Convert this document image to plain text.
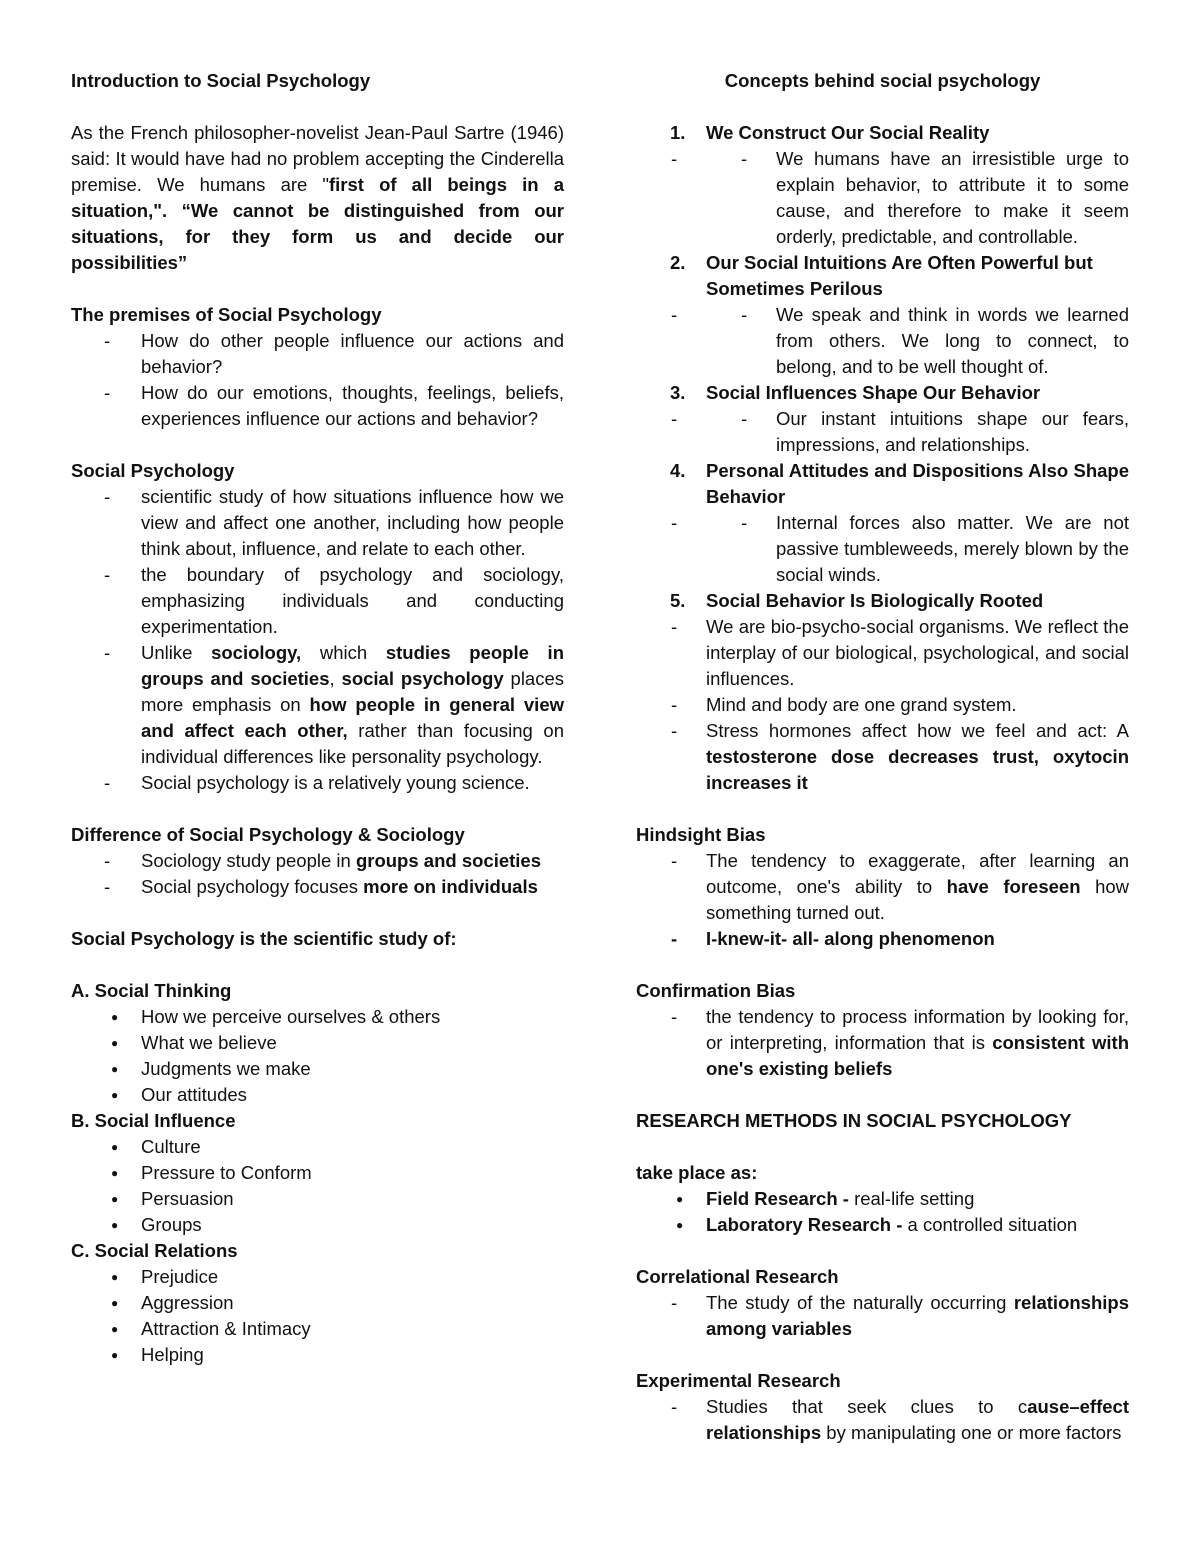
Introduction to Social Psychology

As the French philosopher-novelist Jean-Paul Sartre (1946) said: It would have had no problem accepting the Cinderella premise. We humans are "first of all beings in a situation,". “We cannot be distinguished from our situations, for they form us and decide our possibilities”

The premises of Social Psychology

- How do other people influence our actions and behavior?
- How do our emotions, thoughts, feelings, beliefs, experiences influence our actions and behavior?

Social Psychology

- scientific study of how situations influence how we view and affect one another, including how people think about, influence, and relate to each other.
- the boundary of psychology and sociology, emphasizing individuals and conducting experimentation.
- Unlike sociology, which studies people in groups and societies, social psychology places more emphasis on how people in general view and affect each other, rather than focusing on individual differences like personality psychology.
- Social psychology is a relatively young science.

Difference of Social Psychology & Sociology

- Sociology study people in groups and societies
- Social psychology focuses more on individuals

Social Psychology is the scientific study of:

A. Social Thinking

● How we perceive ourselves & others
● What we believe
● Judgments we make
● Our attitudes

B. Social Influence

● Culture
● Pressure to Conform
● Persuasion
● Groups

C. Social Relations

● Prejudice
● Aggression
● Attraction & Intimacy
● Helping

Concepts behind social psychology

1. We Construct Our Social Reality
- - We humans have an irresistible urge to explain behavior, to attribute it to some cause, and therefore to make it seem orderly, predictable, and controllable.
2. Our Social Intuitions Are Often Powerful but Sometimes Perilous
- - We speak and think in words we learned from others. We long to connect, to belong, and to be well thought of.
3. Social Influences Shape Our Behavior
- - Our instant intuitions shape our fears, impressions, and relationships.
4. Personal Attitudes and Dispositions Also Shape Behavior
- - Internal forces also matter. We are not passive tumbleweeds, merely blown by the social winds.
5. Social Behavior Is Biologically Rooted
- We are bio-psycho-social organisms. We reflect the interplay of our biological, psychological, and social influences.
- Mind and body are one grand system.
- Stress hormones affect how we feel and act: A testosterone dose decreases trust, oxytocin increases it

Hindsight Bias

- The tendency to exaggerate, after learning an outcome, one's ability to have foreseen how something turned out.
- I-knew-it- all- along phenomenon

Confirmation Bias

- the tendency to process information by looking for, or interpreting, information that is consistent with one's existing beliefs

RESEARCH METHODS IN SOCIAL PSYCHOLOGY

take place as:

● Field Research - real-life setting
● Laboratory Research - a controlled situation

Correlational Research

- The study of the naturally occurring relationships among variables

Experimental Research

- Studies that seek clues to cause–effect relationships by manipulating one or more factors
